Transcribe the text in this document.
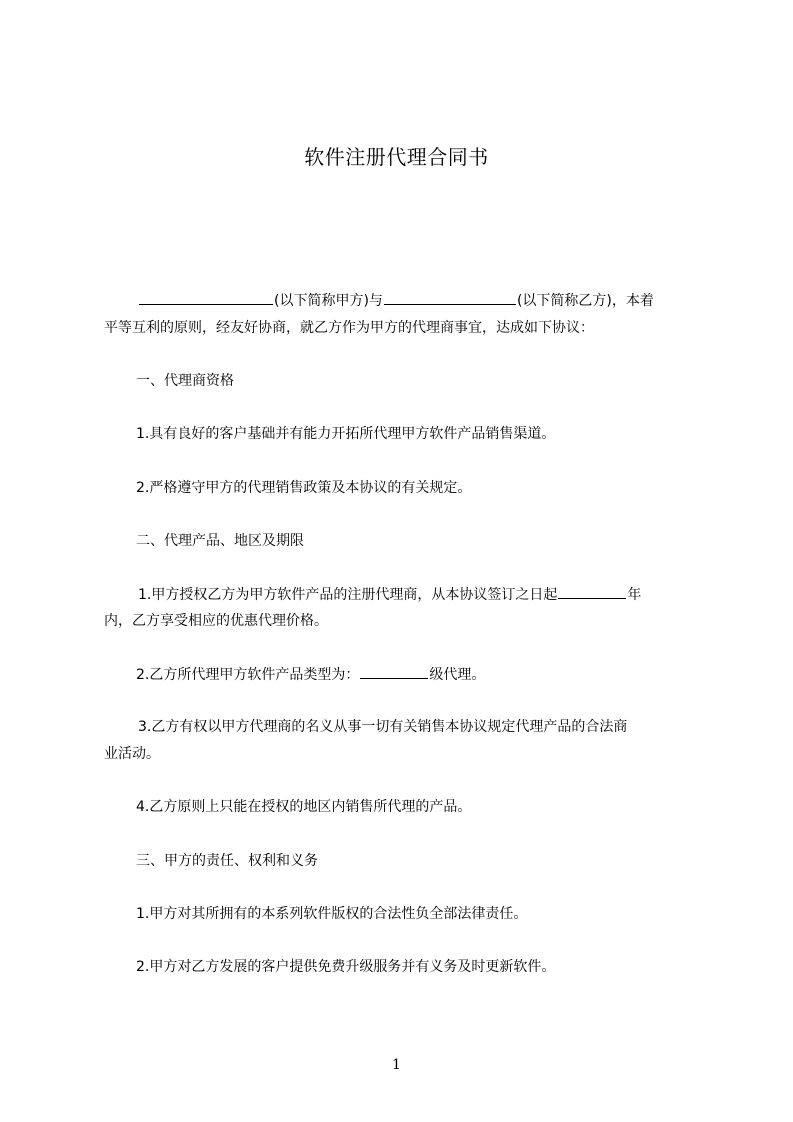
软件注册代理合同书
(以下简称甲方)与	(以下简称乙方)，本着
平等互利的原则，经友好协商，就乙方作为甲方的代理商事宜，达成如下协议：
一、代理商资格
1.具有良好的客户基础并有能力开拓所代理甲方软件产品销售渠道。
2.严格遵守甲方的代理销售政策及本协议的有关规定。
二、代理产品、地区及期限
1.甲方授权乙方为甲方软件产品的注册代理商，从本协议签订之日起	年
内，乙方享受相应的优惠代理价格。
2.乙方所代理甲方软件产品类型为：	级代理。
3.乙方有权以甲方代理商的名义从事一切有关销售本协议规定代理产品的合法商
业活动。
4.乙方原则上只能在授权的地区内销售所代理的产品。
三、甲方的责任、权利和义务
1.甲方对其所拥有的本系列软件版权的合法性负全部法律责任。
2.甲方对乙方发展的客户提供免费升级服务并有义务及时更新软件。
1
